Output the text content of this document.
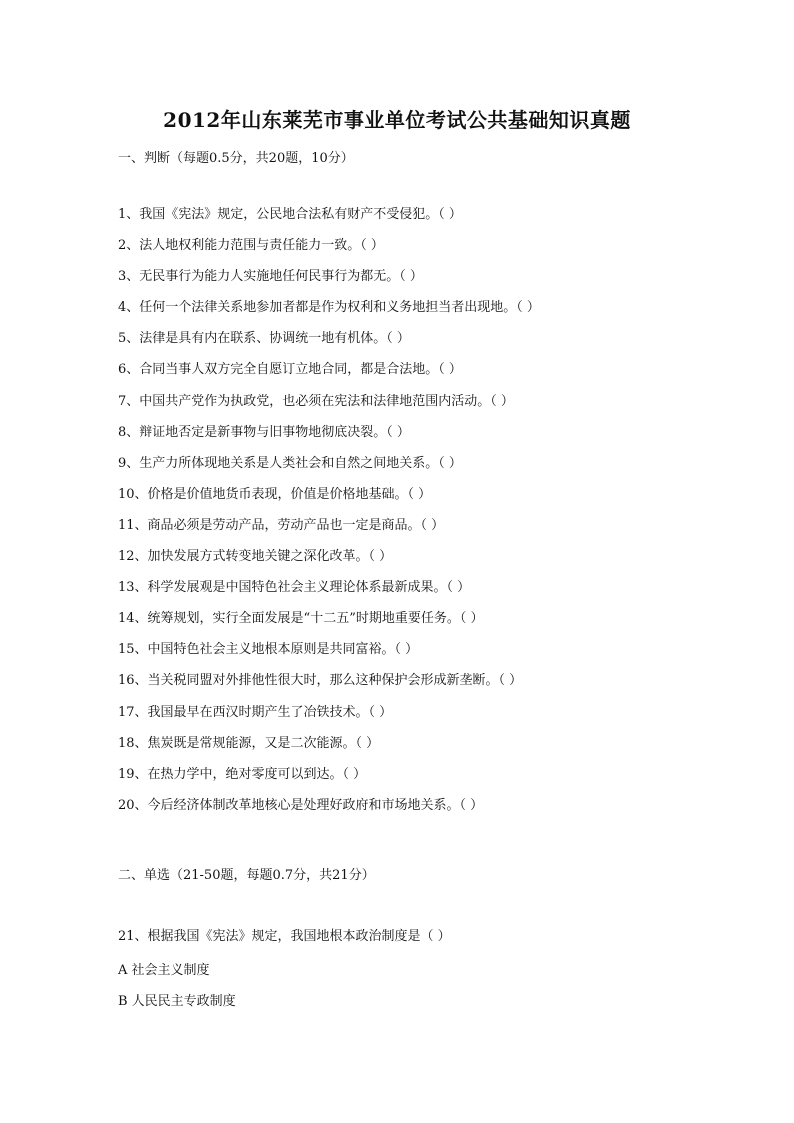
2012年山东莱芜市事业单位考试公共基础知识真题
一、判断（每题0.5分，共20题，10分）
1、我国《宪法》规定，公民地合法私有财产不受侵犯。（ ）
2、法人地权利能力范围与责任能力一致。（ ）
3、无民事行为能力人实施地任何民事行为都无。（ ）
4、任何一个法律关系地参加者都是作为权利和义务地担当者出现地。（ ）
5、法律是具有内在联系、协调统一地有机体。（ ）
6、合同当事人双方完全自愿订立地合同，都是合法地。（ ）
7、中国共产党作为执政党，也必须在宪法和法律地范围内活动。（ ）
8、辩证地否定是新事物与旧事物地彻底决裂。（ ）
9、生产力所体现地关系是人类社会和自然之间地关系。（ ）
10、价格是价值地货币表现，价值是价格地基础。（ ）
11、商品必须是劳动产品，劳动产品也一定是商品。（ ）
12、加快发展方式转变地关键之深化改革。（ ）
13、科学发展观是中国特色社会主义理论体系最新成果。（ ）
14、统筹规划，实行全面发展是“十二五”时期地重要任务。（ ）
15、中国特色社会主义地根本原则是共同富裕。（ ）
16、当关税同盟对外排他性很大时，那么这种保护会形成新垄断。（ ）
17、我国最早在西汉时期产生了冶铁技术。（ ）
18、焦炭既是常规能源，又是二次能源。（ ）
19、在热力学中，绝对零度可以到达。（ ）
20、今后经济体制改革地核心是处理好政府和市场地关系。（ ）
二、单选（21-50题，每题0.7分，共21分）
21、根据我国《宪法》规定，我国地根本政治制度是（ ）
A 社会主义制度
B 人民民主专政制度
